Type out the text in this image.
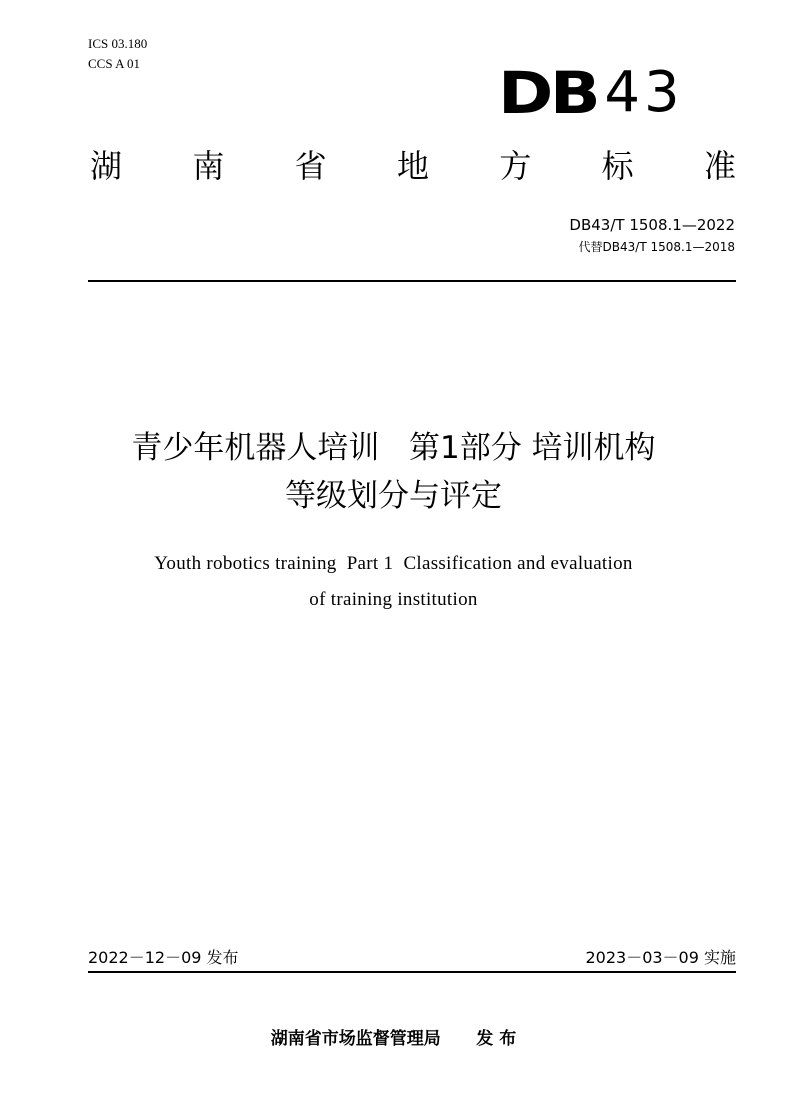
ICS 03.180
CCS A 01	DB 43
湖 南 省 地 方 标 准
DB43/T 1508.1—2022
代替DB43/T 1508.1—2018
青少年机器人培训   第1部分 培训机构
等级划分与评定
Youth robotics training  Part 1  Classification and evaluation
of training institution
2022－12－09 发布	2023－03－09 实施
湖南省市场监督管理局      发 布
